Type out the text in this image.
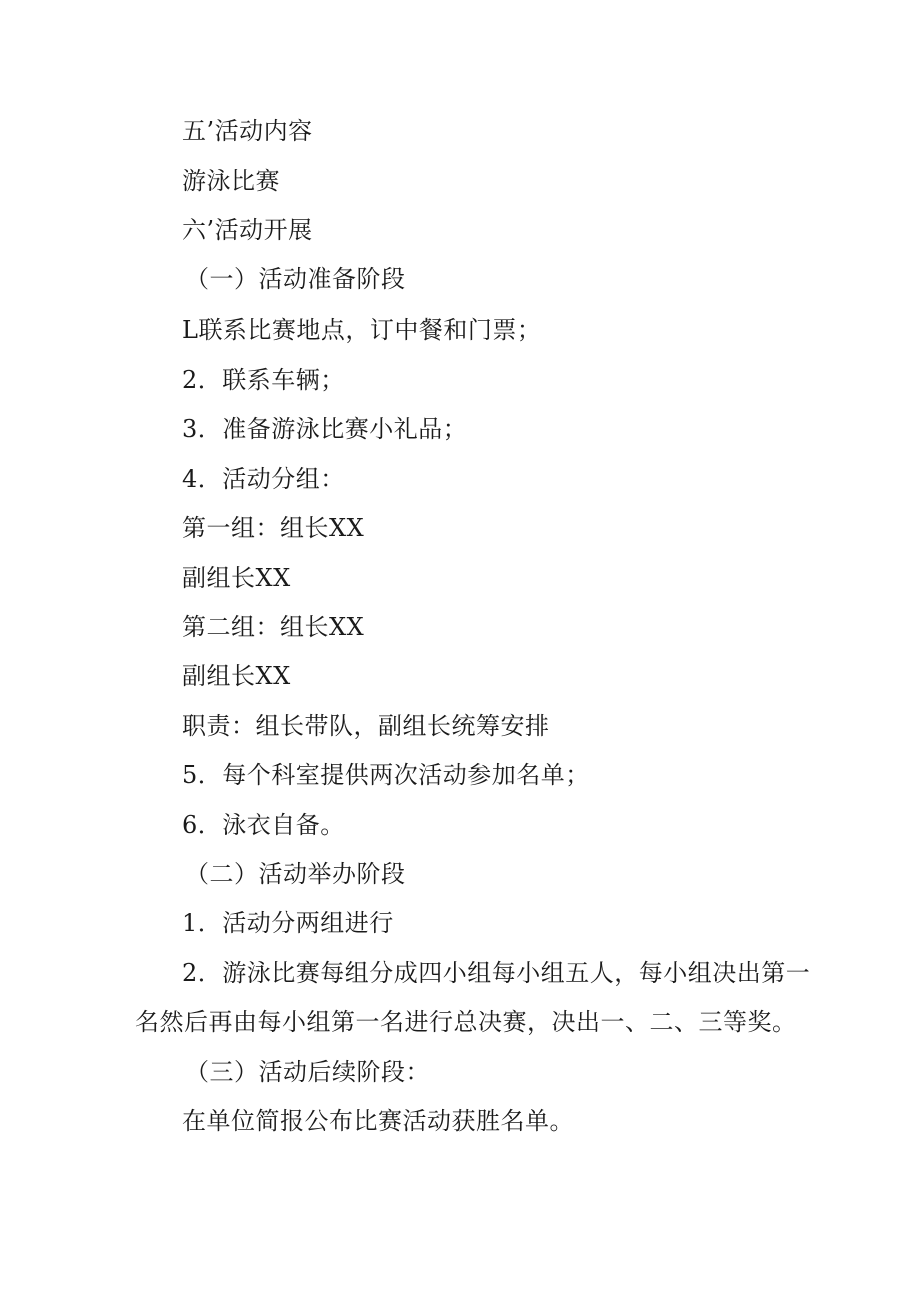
五’活动内容
游泳比赛
六’活动开展
（一）活动准备阶段
L联系比赛地点，订中餐和门票；
2．联系车辆；
3．准备游泳比赛小礼品；
4．活动分组：
第一组：组长XX
副组长XX
第二组：组长XX
副组长XX
职责：组长带队，副组长统筹安排
5．每个科室提供两次活动参加名单；
6．泳衣自备。
（二）活动举办阶段
1．活动分两组进行
2．游泳比赛每组分成四小组每小组五人，每小组决出第一
名然后再由每小组第一名进行总决赛，决出一、二、三等奖。
（三）活动后续阶段：
在单位简报公布比赛活动获胜名单。
